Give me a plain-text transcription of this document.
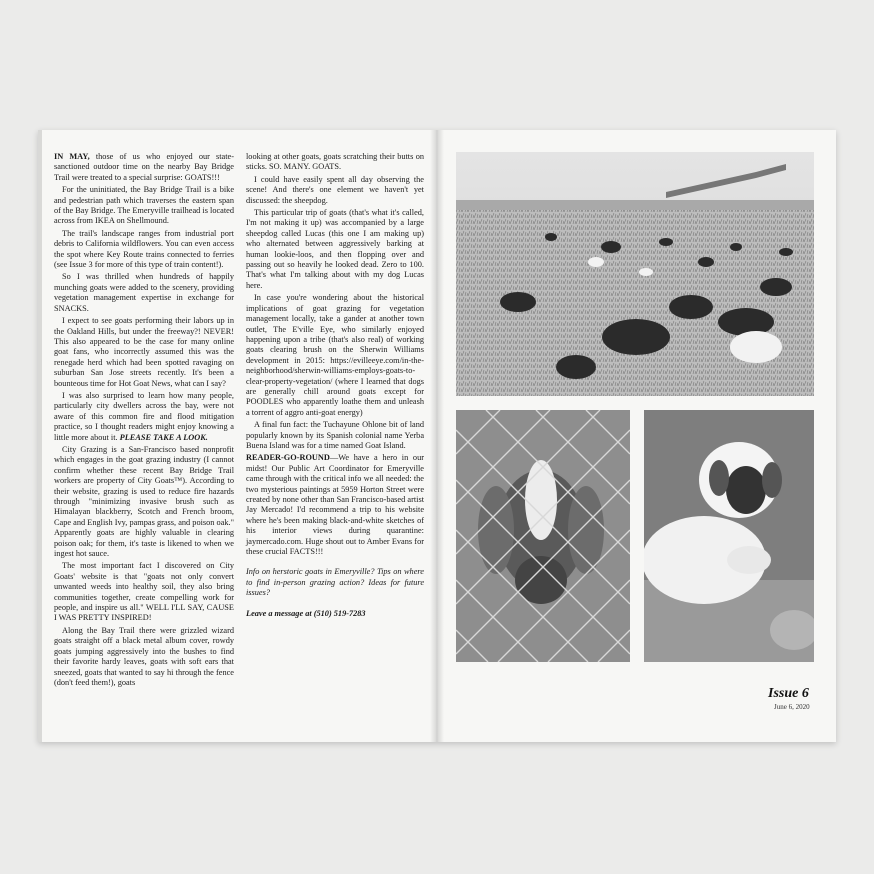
IN MAY, those of us who enjoyed our state-sanctioned outdoor time on the nearby Bay Bridge Trail were treated to a special surprise: GOATS!!!

For the uninitiated, the Bay Bridge Trail is a bike and pedestrian path which traverses the eastern span of the Bay Bridge. The Emeryville trailhead is located across from IKEA on Shellmound.

The trail's landscape ranges from industrial port debris to California wildflowers. You can even access the spot where Key Route trains connected to ferries (see Issue 3 for more of this type of train content!).

So I was thrilled when hundreds of happily munching goats were added to the scenery, providing vegetation management expertise in exchange for SNACKS.

I expect to see goats performing their labors up in the Oakland Hills, but under the freeway?! NEVER! This also appeared to be the case for many online goat fans, who incorrectly assumed this was the renegade herd which had been spotted ravaging on suburban San Jose streets recently. It's been a bounteous time for Hot Goat News, what can I say?

I was also surprised to learn how many people, particularly city dwellers across the bay, were not aware of this common fire and flood mitigation practice, so I thought readers might enjoy knowing a little more about it. PLEASE TAKE A LOOK.

City Grazing is a San-Francisco based nonprofit which engages in the goat grazing industry (I cannot confirm whether these recent Bay Bridge Trail workers are property of City Goats™). According to their website, grazing is used to reduce fire hazards through "minimizing invasive brush such as Himalayan blackberry, Scotch and French broom, Cape and English Ivy, pampas grass, and poison oak." Apparently goats are highly valuable in clearing poison oak; for them, it's taste is likened to when we ingest hot sauce.

The most important fact I discovered on City Goats' website is that "goats not only convert unwanted weeds into healthy soil, they also bring communities together, create compelling work for people, and inspire us all." WELL I'LL SAY, CAUSE I WAS PRETTY INSPIRED!

Along the Bay Trail there were grizzled wizard goats straight off a black metal album cover, rowdy goats jumping aggressively into the bushes to find their favorite hardy leaves, goats with soft ears that sneezed, goats that wanted to say hi through the fence (don't feed them!), goats

looking at other goats, goats scratching their butts on sticks. SO. MANY. GOATS.

I could have easily spent all day observing the scene! And there's one element we haven't yet discussed: the sheepdog.

This particular trip of goats (that's what it's called, I'm not making it up) was accompanied by a large sheepdog called Lucas (this one I am making up) who alternated between aggressively barking at human lookie-loos, and then flopping over and passing out so heavily he looked dead. Zero to 100. That's what I'm talking about with my dog Lucas here.

In case you're wondering about the historical implications of goat grazing for vegetation management locally, take a gander at another town outlet, The E'ville Eye, who similarly enjoyed happening upon a tribe (that's also real) of working goats clearing brush on the Sherwin Williams development in 2015: https://evilleeye.com/in-the-neighborhood/sherwin-williams-employs-goats-to-clear-property-vegetation/ (where I learned that dogs are generally chill around goats except for POODLES who apparently loathe them and unleash a torrent of aggro anti-goat energy)

A final fun fact: the Tuchayune Ohlone bit of land popularly known by its Spanish colonial name Yerba Buena Island was for a time named Goat Island.

READER-GO-ROUND—We have a hero in our midst! Our Public Art Coordinator for Emeryville came through with the critical info we all needed: the two mysterious paintings at 5959 Horton Street were created by none other than San Francisco-based artist Jay Mercado! I'd recommend a trip to his website where he's been making black-and-white sketches of his interior views during quarantine: jaymercado.com. Huge shout out to Amber Evans for these crucial FACTS!!!

Info on herstoric goats in Emeryville? Tips on where to find in-person grazing action? Ideas for future issues?

Leave a message at (510) 519-7283

Issue 6
June 6, 2020
